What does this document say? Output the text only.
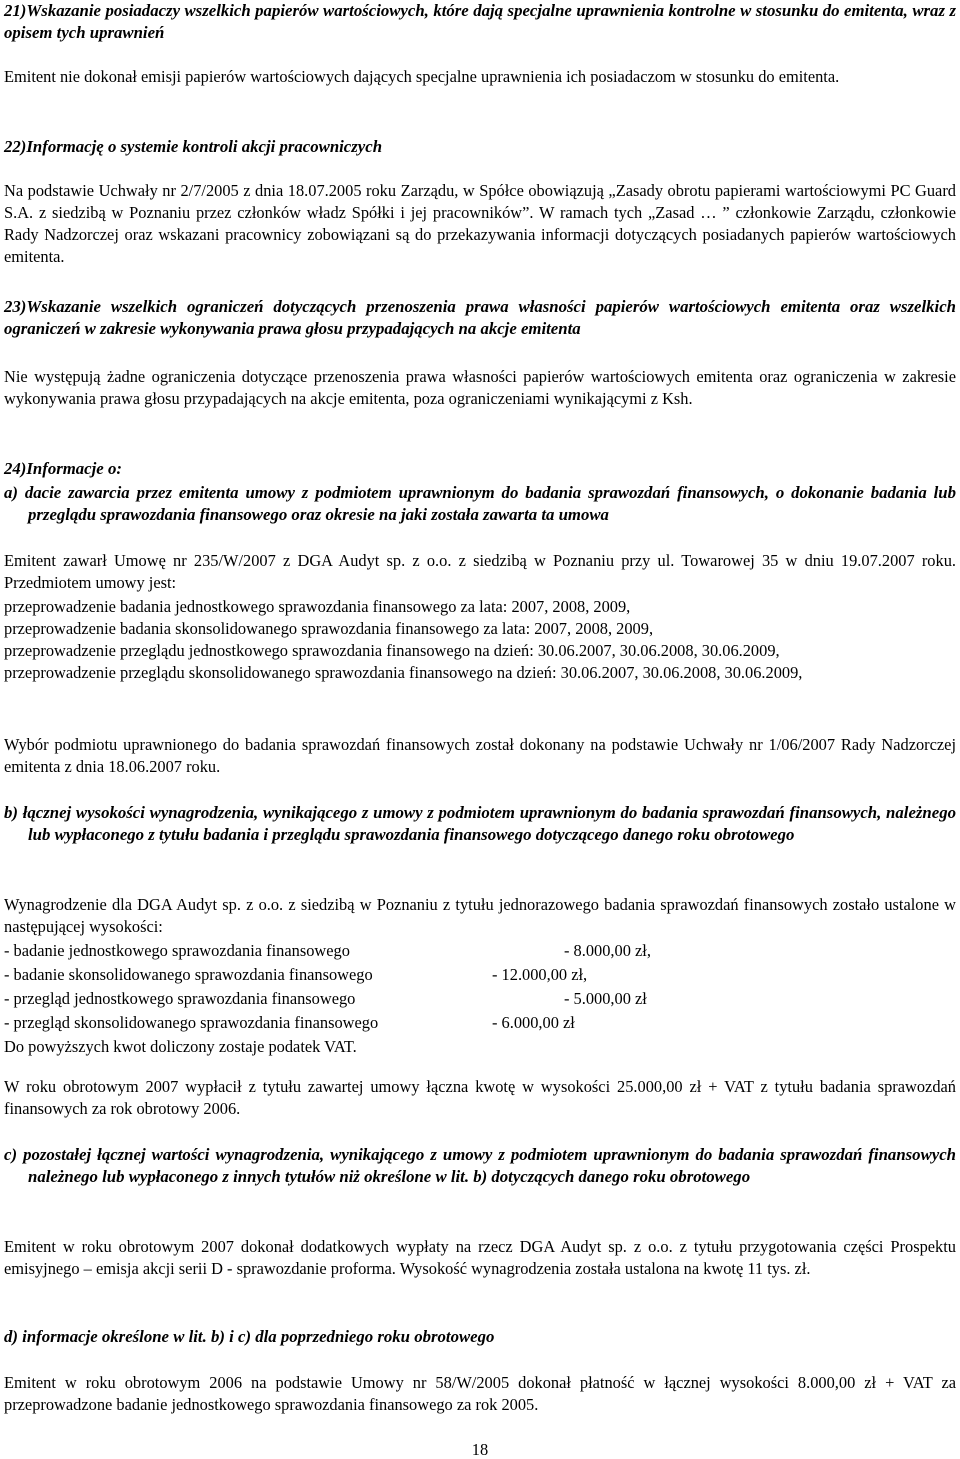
21)Wskazanie posiadaczy wszelkich papierów wartościowych, które dają specjalne uprawnienia kontrolne w stosunku do emitenta, wraz z opisem tych uprawnień

Emitent nie dokonał emisji papierów wartościowych dających specjalne uprawnienia ich posiadaczom w stosunku do emitenta.

22)Informację o systemie kontroli akcji pracowniczych

Na podstawie Uchwały nr 2/7/2005 z dnia 18.07.2005 roku Zarządu, w Spółce obowiązują „Zasady obrotu papierami wartościowymi PC Guard S.A. z siedzibą w Poznaniu przez członków władz Spółki i jej pracowników”. W ramach tych „Zasad … ” członkowie Zarządu, członkowie Rady Nadzorczej oraz wskazani pracownicy zobowiązani są do przekazywania informacji dotyczących posiadanych papierów wartościowych emitenta.

23)Wskazanie wszelkich ograniczeń dotyczących przenoszenia prawa własności papierów wartościowych emitenta oraz wszelkich ograniczeń w zakresie wykonywania prawa głosu przypadających na akcje emitenta

Nie występują żadne ograniczenia dotyczące przenoszenia prawa własności papierów wartościowych emitenta oraz ograniczenia w zakresie wykonywania prawa głosu przypadających na akcje emitenta, poza ograniczeniami wynikającymi z Ksh.

24)Informacje o:

a) dacie zawarcia przez emitenta umowy z podmiotem uprawnionym do badania sprawozdań finansowych, o dokonanie badania lub przeglądu sprawozdania finansowego oraz okresie na jaki została zawarta ta umowa

Emitent zawarł Umowę nr 235/W/2007 z DGA Audyt sp. z o.o. z siedzibą w Poznaniu przy ul. Towarowej 35 w dniu 19.07.2007 roku. Przedmiotem umowy jest:

przeprowadzenie badania jednostkowego sprawozdania finansowego za lata: 2007, 2008, 2009,
przeprowadzenie badania skonsolidowanego sprawozdania finansowego za lata: 2007, 2008, 2009,
przeprowadzenie przeglądu jednostkowego sprawozdania finansowego na dzień: 30.06.2007, 30.06.2008, 30.06.2009,
przeprowadzenie przeglądu skonsolidowanego sprawozdania finansowego na dzień: 30.06.2007, 30.06.2008, 30.06.2009,

Wybór podmiotu uprawnionego do badania sprawozdań finansowych został dokonany na podstawie Uchwały nr 1/06/2007 Rady Nadzorczej emitenta z dnia 18.06.2007 roku.

b) łącznej wysokości wynagrodzenia, wynikającego z umowy z podmiotem uprawnionym do badania sprawozdań finansowych, należnego lub wypłaconego z tytułu badania i przeglądu sprawozdania finansowego dotyczącego danego roku obrotowego

Wynagrodzenie dla DGA Audyt sp. z o.o. z siedzibą w Poznaniu z tytułu jednorazowego badania sprawozdań finansowych zostało ustalone w następującej wysokości:

- badanie jednostkowego sprawozdania finansowego	- 8.000,00 zł,
- badanie skonsolidowanego sprawozdania finansowego	- 12.000,00 zł,
- przegląd jednostkowego sprawozdania finansowego	- 5.000,00 zł
- przegląd skonsolidowanego sprawozdania finansowego	- 6.000,00 zł
Do powyższych kwot doliczony zostaje podatek VAT.

W roku obrotowym 2007 wypłacił z tytułu zawartej umowy łączna kwotę w wysokości 25.000,00 zł + VAT z tytułu badania sprawozdań finansowych za rok obrotowy 2006.

c) pozostałej łącznej wartości wynagrodzenia, wynikającego z umowy z podmiotem uprawnionym do badania sprawozdań finansowych należnego lub wypłaconego z innych tytułów niż określone w lit. b) dotyczących danego roku obrotowego

Emitent w roku obrotowym 2007 dokonał dodatkowych wypłaty na rzecz DGA Audyt sp. z o.o. z tytułu przygotowania części Prospektu emisyjnego – emisja akcji serii D - sprawozdanie proforma. Wysokość wynagrodzenia została ustalona na kwotę 11 tys. zł.

d) informacje określone w lit. b) i c) dla poprzedniego roku obrotowego

Emitent w roku obrotowym 2006 na podstawie Umowy nr 58/W/2005 dokonał płatność w łącznej wysokości 8.000,00 zł + VAT za przeprowadzone badanie jednostkowego sprawozdania finansowego za rok 2005.

18
